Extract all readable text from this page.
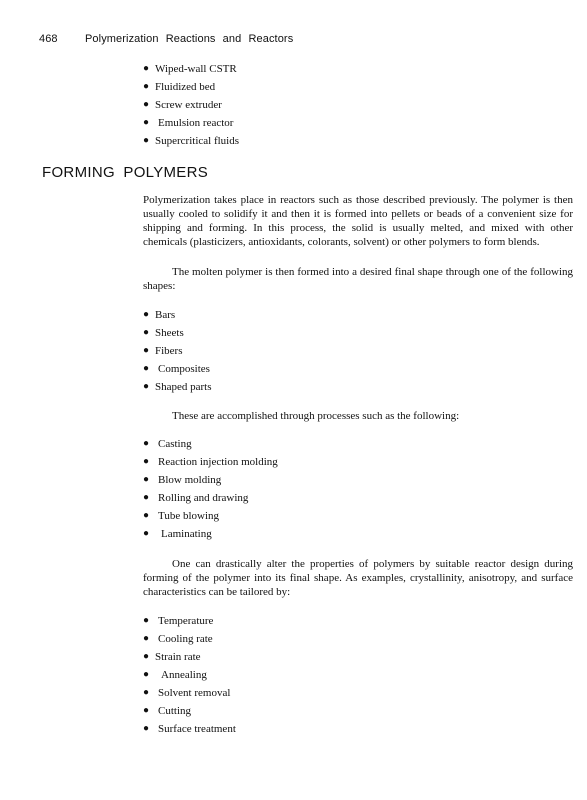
468 Polymerization Reactions and Reactors
● Wiped-wall CSTR
● Fluidized bed
● Screw extruder
● Emulsion reactor
● Supercritical fluids
FORMING POLYMERS

Polymerization takes place in reactors such as those described previously. The polymer is then usually cooled to solidify it and then it is formed into pellets or beads of a convenient size for shipping and forming. In this process, the solid is usually melted, and mixed with other chemicals (plasticizers, antioxidants, colorants, solvent) or other polymers to form blends.

The molten polymer is then formed into a desired final shape through one of the following shapes:

● Bars
● Sheets
● Fibers
● Composites
● Shaped parts

These are accomplished through processes such as the following:

● Casting
● Reaction injection molding
● Blow molding
● Rolling and drawing
● Tube blowing
● Laminating

One can drastically alter the properties of polymers by suitable reactor design during forming of the polymer into its final shape. As examples, crystallinity, anisotropy, and surface characteristics can be tailored by:

● Temperature
● Cooling rate
● Strain rate
● Annealing
● Solvent removal
● Cutting
● Surface treatment
